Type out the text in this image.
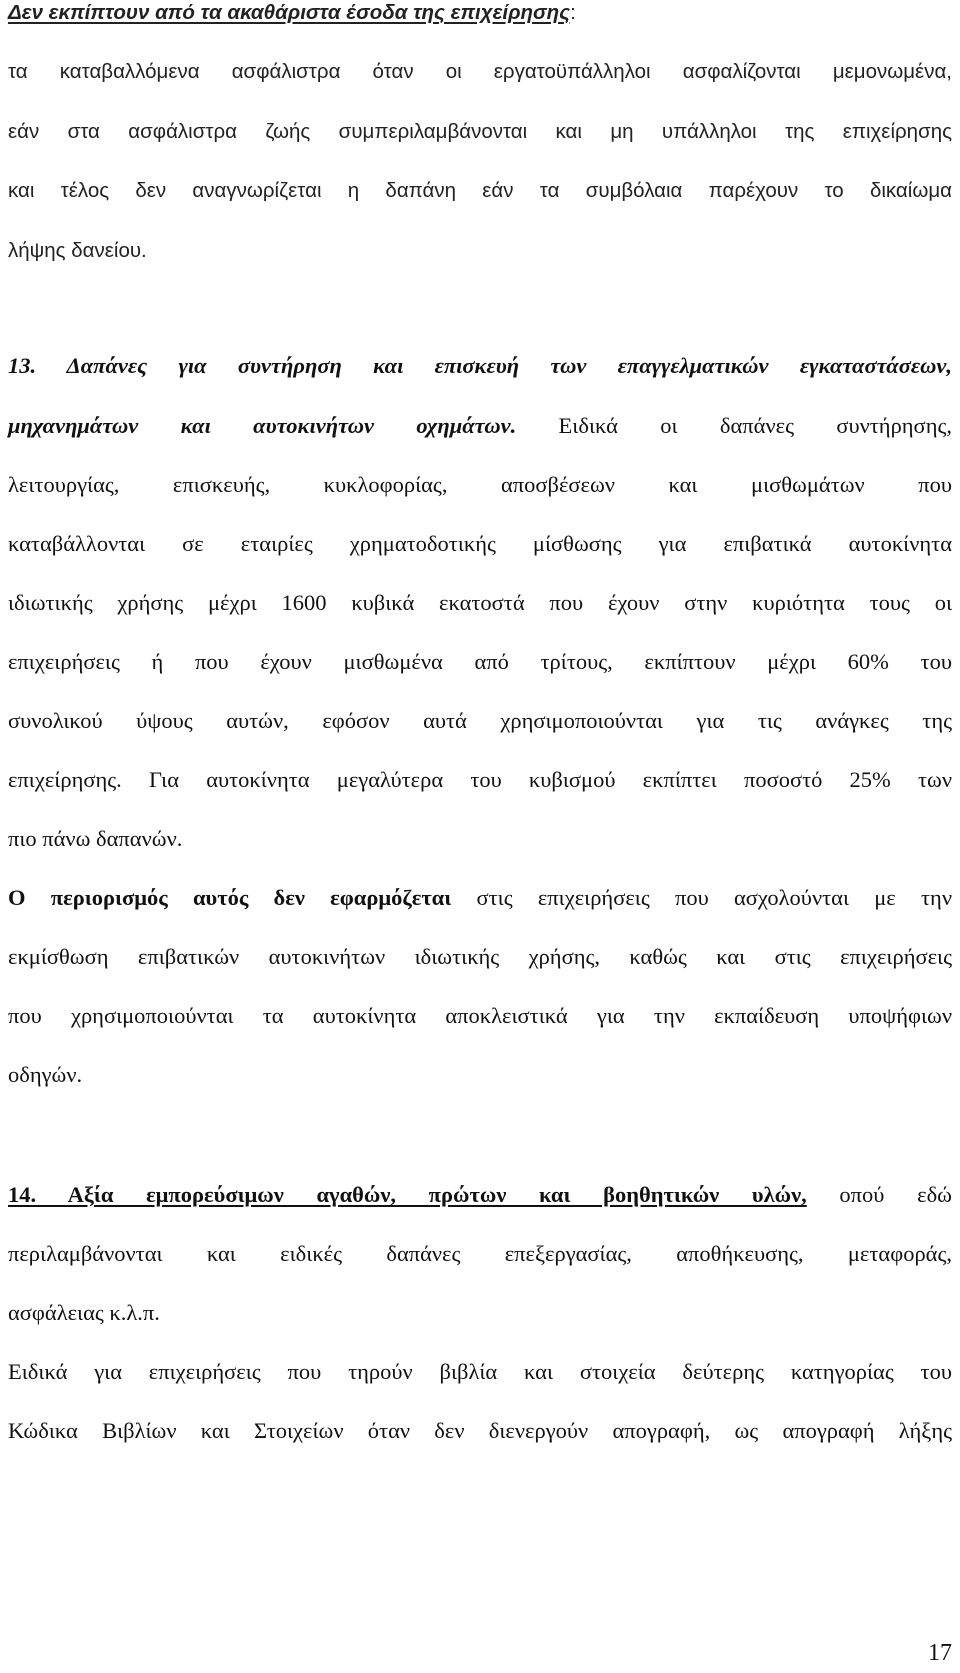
Δεν εκπίπτουν από τα ακαθάριστα έσοδα της επιχείρησης:
τα καταβαλλόμενα ασφάλιστρα όταν οι εργατοϋπάλληλοι ασφαλίζονται μεμονωμένα,
εάν στα ασφάλιστρα ζωής συμπεριλαμβάνονται και μη υπάλληλοι της επιχείρησης
και τέλος δεν αναγνωρίζεται η δαπάνη εάν τα συμβόλαια παρέχουν το δικαίωμα
λήψης δανείου.
13. Δαπάνες για συντήρηση και επισκευή των επαγγελματικών εγκαταστάσεων,
μηχανημάτων και αυτοκινήτων οχημάτων. Ειδικά οι δαπάνες συντήρησης,
λειτουργίας, επισκευής, κυκλοφορίας, αποσβέσεων και μισθωμάτων που
καταβάλλονται σε εταιρίες χρηματοδοτικής μίσθωσης για επιβατικά αυτοκίνητα
ιδιωτικής χρήσης μέχρι 1600 κυβικά εκατοστά που έχουν στην κυριότητα τους οι
επιχειρήσεις ή που έχουν μισθωμένα από τρίτους, εκπίπτουν μέχρι 60% του
συνολικού ύψους αυτών, εφόσον αυτά χρησιμοποιούνται για τις ανάγκες της
επιχείρησης. Για αυτοκίνητα μεγαλύτερα του κυβισμού εκπίπτει ποσοστό 25% των
πιο πάνω δαπανών.
Ο περιορισμός αυτός δεν εφαρμόζεται στις επιχειρήσεις που ασχολούνται με την
εκμίσθωση επιβατικών αυτοκινήτων ιδιωτικής χρήσης, καθώς και στις επιχειρήσεις
που χρησιμοποιούνται τα αυτοκίνητα αποκλειστικά για την εκπαίδευση υποψήφιων
οδηγών.
14. Αξία εμπορεύσιμων αγαθών, πρώτων και βοηθητικών υλών, οπού εδώ
περιλαμβάνονται και ειδικές δαπάνες επεξεργασίας, αποθήκευσης, μεταφοράς,
ασφάλειας κ.λ.π.
Ειδικά για επιχειρήσεις που τηρούν βιβλία και στοιχεία δεύτερης κατηγορίας του
Κώδικα Βιβλίων και Στοιχείων όταν δεν διενεργούν απογραφή, ως απογραφή λήξης
17
